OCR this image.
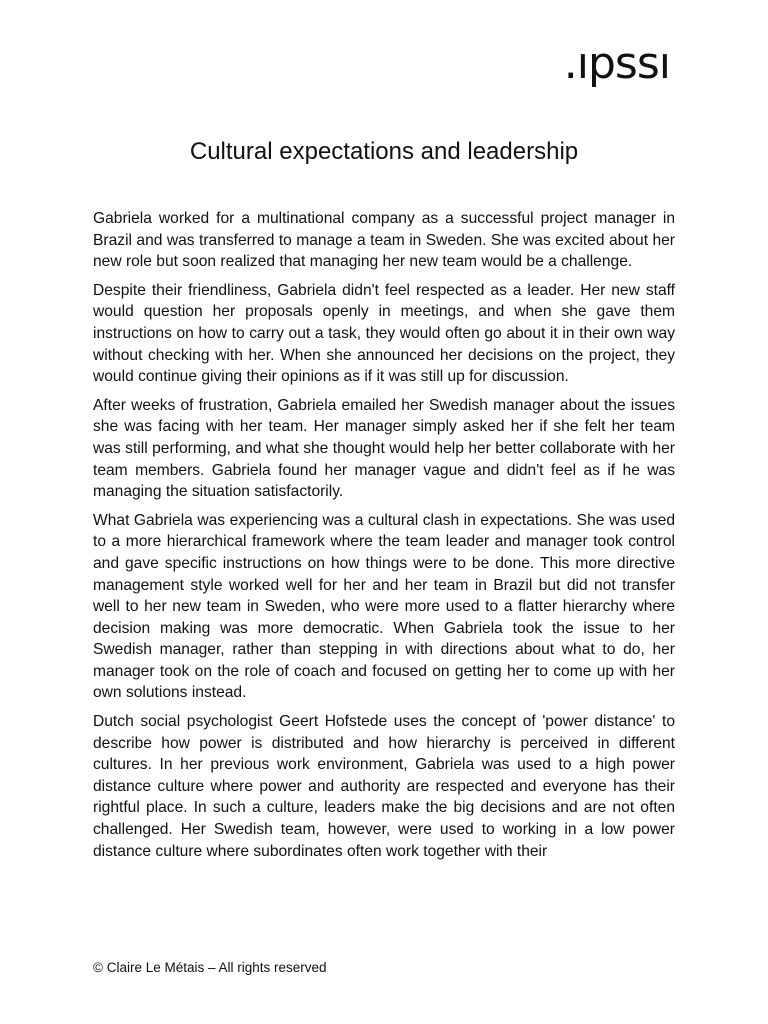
.ıpssı
Cultural expectations and leadership

Gabriela worked for a multinational company as a successful project manager in Brazil and was transferred to manage a team in Sweden. She was excited about her new role but soon realized that managing her new team would be a challenge.

Despite their friendliness, Gabriela didn't feel respected as a leader. Her new staff would question her proposals openly in meetings, and when she gave them instructions on how to carry out a task, they would often go about it in their own way without checking with her. When she announced her decisions on the project, they would continue giving their opinions as if it was still up for discussion.

After weeks of frustration, Gabriela emailed her Swedish manager about the issues she was facing with her team. Her manager simply asked her if she felt her team was still performing, and what she thought would help her better collaborate with her team members. Gabriela found her manager vague and didn't feel as if he was managing the situation satisfactorily.

What Gabriela was experiencing was a cultural clash in expectations. She was used to a more hierarchical framework where the team leader and manager took control and gave specific instructions on how things were to be done. This more directive management style worked well for her and her team in Brazil but did not transfer well to her new team in Sweden, who were more used to a flatter hierarchy where decision making was more democratic. When Gabriela took the issue to her Swedish manager, rather than stepping in with directions about what to do, her manager took on the role of coach and focused on getting her to come up with her own solutions instead.

Dutch social psychologist Geert Hofstede uses the concept of 'power distance' to describe how power is distributed and how hierarchy is perceived in different cultures. In her previous work environment, Gabriela was used to a high power distance culture where power and authority are respected and everyone has their rightful place. In such a culture, leaders make the big decisions and are not often challenged. Her Swedish team, however, were used to working in a low power distance culture where subordinates often work together with their

© Claire Le Métais – All rights reserved
